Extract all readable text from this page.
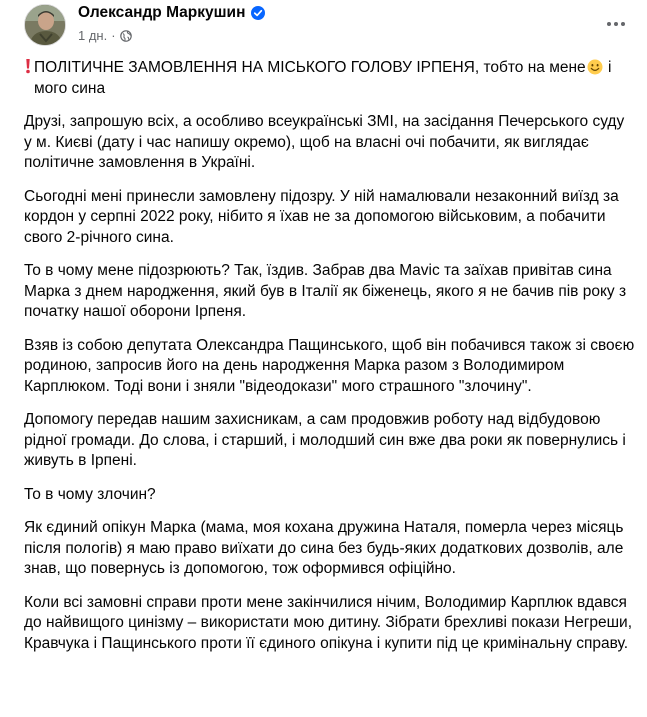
Олександр Маркушин
1 дн. ·
ПОЛІТИЧНЕ ЗАМОВЛЕННЯ НА МІСЬКОГО ГОЛОВУ ІРПЕНЯ, тобто на мене і мого сина

Друзі, запрошую всіх, а особливо всеукраїнські ЗМІ, на засідання Печерського суду у м. Києві (дату і час напишу окремо), щоб на власні очі побачити, як виглядає політичне замовлення в Україні.

Сьогодні мені принесли замовлену підозру. У ній намалювали незаконний виїзд за кордон у серпні 2022 року, нібито я їхав не за допомогою військовим, а побачити свого 2-річного сина.

То в чому мене підозрюють? Так, їздив. Забрав два Mavic та заїхав привітав сина Марка з днем народження, який був в Італії як біженець, якого я не бачив пів року з початку нашої оборони Ірпеня.

Взяв із собою депутата Олександра Пащинського, щоб він побачився також зі своєю родиною, запросив його на день народження Марка разом з Володимиром Карплюком. Тоді вони і зняли "відеодокази" мого страшного "злочину".

Допомогу передав нашим захисникам, а сам продовжив роботу над відбудовою рідної громади. До слова, і старший, і молодший син вже два роки як повернулись і живуть в Ірпені.

То в чому злочин?

Як єдиний опікун Марка (мама, моя кохана дружина Наталя, померла через місяць після пологів) я маю право виїхати до сина без будь-яких додаткових дозволів, але знав, що повернусь із допомогою, тож оформився офіційно.

Коли всі замовні справи проти мене закінчилися нічим, Володимир Карплюк вдався до найвищого цинізму – використати мою дитину. Зібрати брехливі покази Негреши, Кравчука і Пащинського проти її єдиного опікуна і купити під це кримінальну справу.
